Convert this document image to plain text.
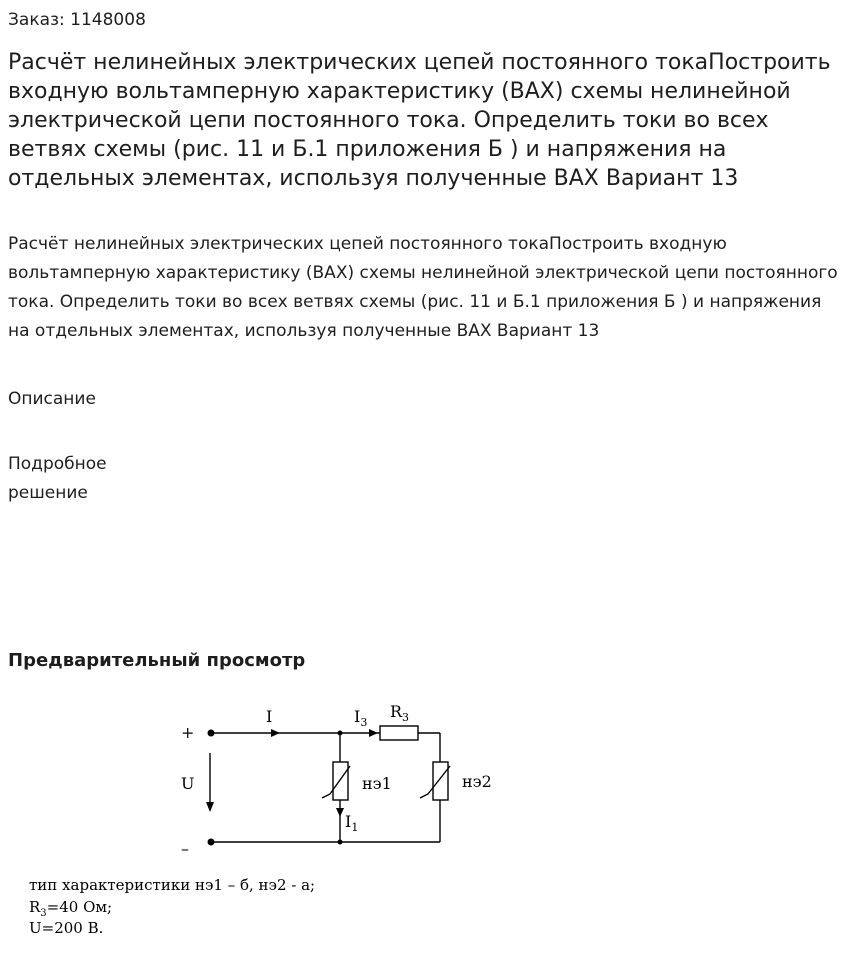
Заказ: 1148008
Расчёт нелинейных электрических цепей постоянного токаПостроить входную вольтамперную характеристику (ВАХ) схемы нелинейной электрической цепи постоянного тока. Определить токи во всех ветвях схемы (рис. 11 и Б.1 приложения Б ) и напряжения на отдельных элементах, используя полученные ВАХ Вариант 13
Расчёт нелинейных электрических цепей постоянного токаПостроить входную вольтамперную характеристику (ВАХ) схемы нелинейной электрической цепи постоянного тока. Определить токи во всех ветвях схемы (рис. 11 и Б.1 приложения Б ) и напряжения на отдельных элементах, используя полученные ВАХ Вариант 13
Описание
Подробное решение
Предварительный просмотр
+
–
U
I	$I_3$
$R_3$
$I_1$
нэ1	нэ2
тип характеристики нэ1 – б, нэ2 - а;
$R_3=40$ Ом;
U=200 В.
